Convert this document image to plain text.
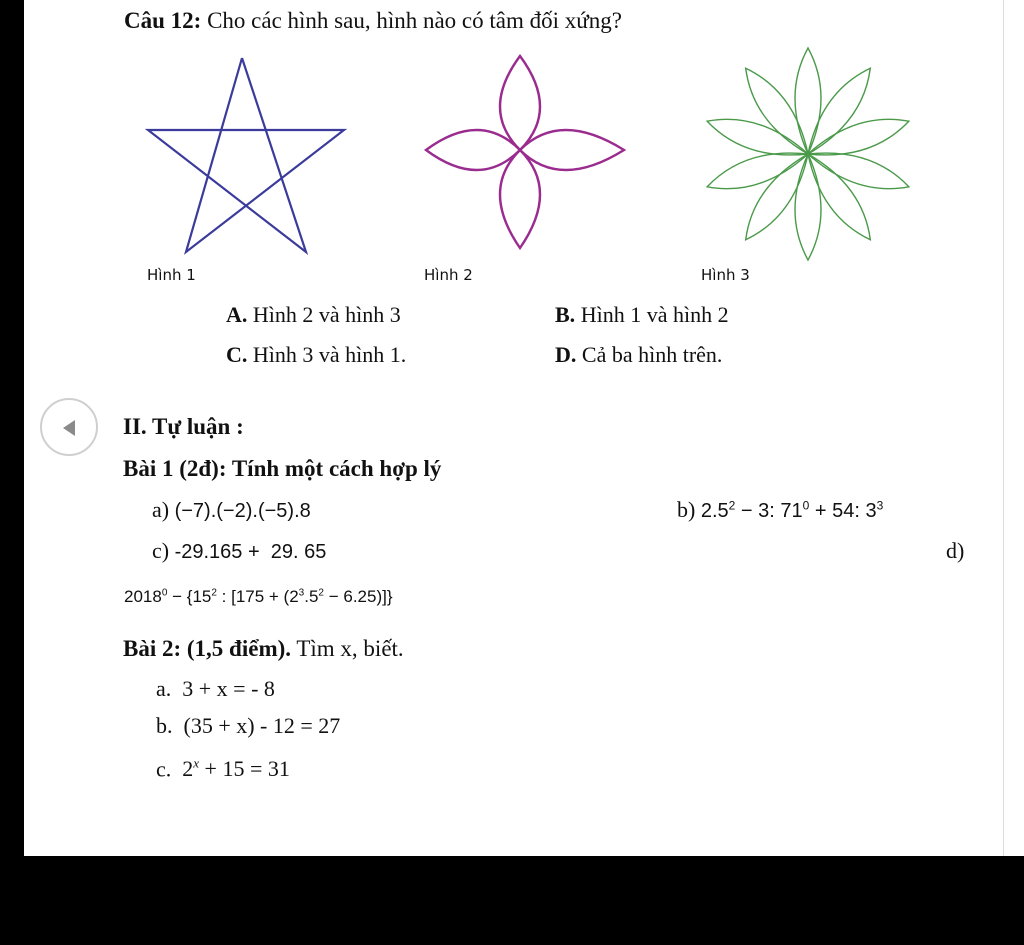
Câu 12: Cho các hình sau, hình nào có tâm đối xứng?
Hình 1	Hình 2	Hình 3
A. Hình 2 và hình 3	B. Hình 1 và hình 2
C. Hình 3 và hình 1.	D. Cả ba hình trên.
II. Tự luận :
Bài 1 (2đ): Tính một cách hợp lý
a) (−7).(−2).(−5).8	b) $2.5^2 - 3$: $71^0 + 54$: $3^3$
c) -29.165 +  29. 65	d)
$2018^0 - \{15^2$ : $[175 + (2^3.5^2 - 6.25)]$}
Bài 2: (1,5 điểm). Tìm x, biết.
a. 3 + x = - 8
b. (35 + x) - 12 = 27
c. $2^x + 15 = 31$
